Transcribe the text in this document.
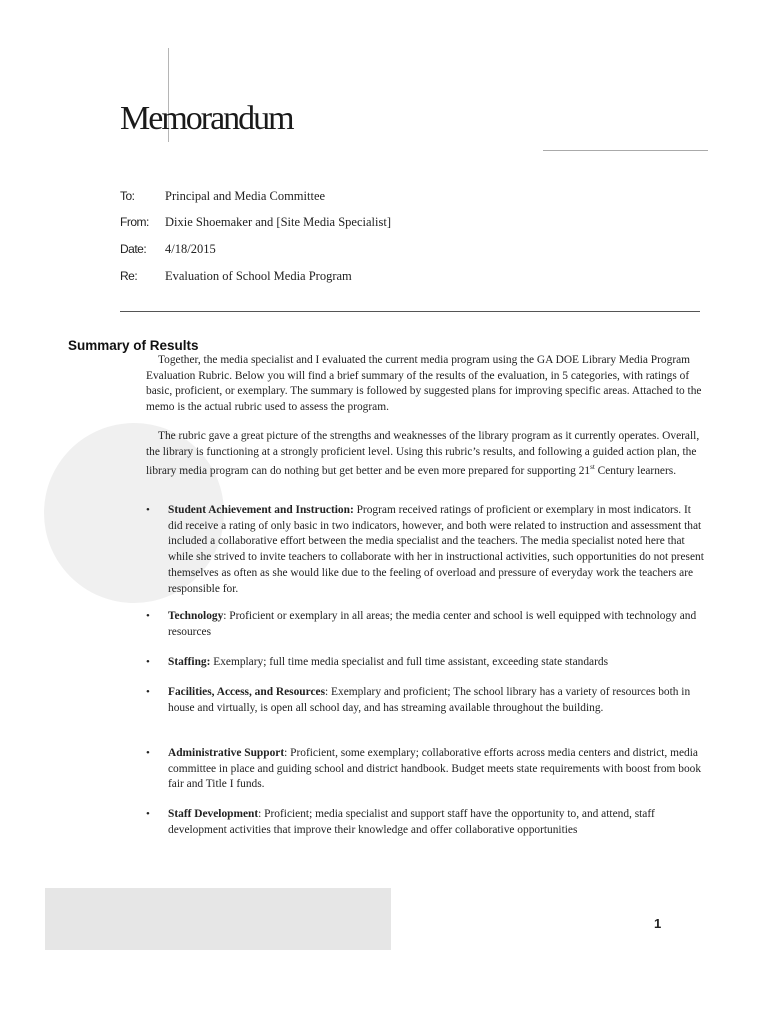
Memorandum
To: Principal and Media Committee
From: Dixie Shoemaker and [Site Media Specialist]
Date: 4/18/2015
Re: Evaluation of School Media Program
Summary of Results

Together, the media specialist and I evaluated the current media program using the GA DOE Library Media Program Evaluation Rubric. Below you will find a brief summary of the results of the evaluation, in 5 categories, with ratings of basic, proficient, or exemplary. The summary is followed by suggested plans for improving specific areas. Attached to the memo is the actual rubric used to assess the program.

The rubric gave a great picture of the strengths and weaknesses of the library program as it currently operates. Overall, the library is functioning at a strongly proficient level. Using this rubric’s results, and following a guided action plan, the library media program can do nothing but get better and be even more prepared for supporting 21st Century learners.

• Student Achievement and Instruction: Program received ratings of proficient or exemplary in most indicators. It did receive a rating of only basic in two indicators, however, and both were related to instruction and assessment that included a collaborative effort between the media specialist and the teachers. The media specialist noted here that while she strived to invite teachers to collaborate with her in instructional activities, such opportunities do not present themselves as often as she would like due to the feeling of overload and pressure of everyday work the teachers are responsible for.
• Technology: Proficient or exemplary in all areas; the media center and school is well equipped with technology and resources
• Staffing: Exemplary; full time media specialist and full time assistant, exceeding state standards
• Facilities, Access, and Resources: Exemplary and proficient; The school library has a variety of resources both in house and virtually, is open all school day, and has streaming available throughout the building.
• Administrative Support: Proficient, some exemplary; collaborative efforts across media centers and district, media committee in place and guiding school and district handbook. Budget meets state requirements with boost from book fair and Title I funds.
• Staff Development: Proficient; media specialist and support staff have the opportunity to, and attend, staff development activities that improve their knowledge and offer collaborative opportunities
1
